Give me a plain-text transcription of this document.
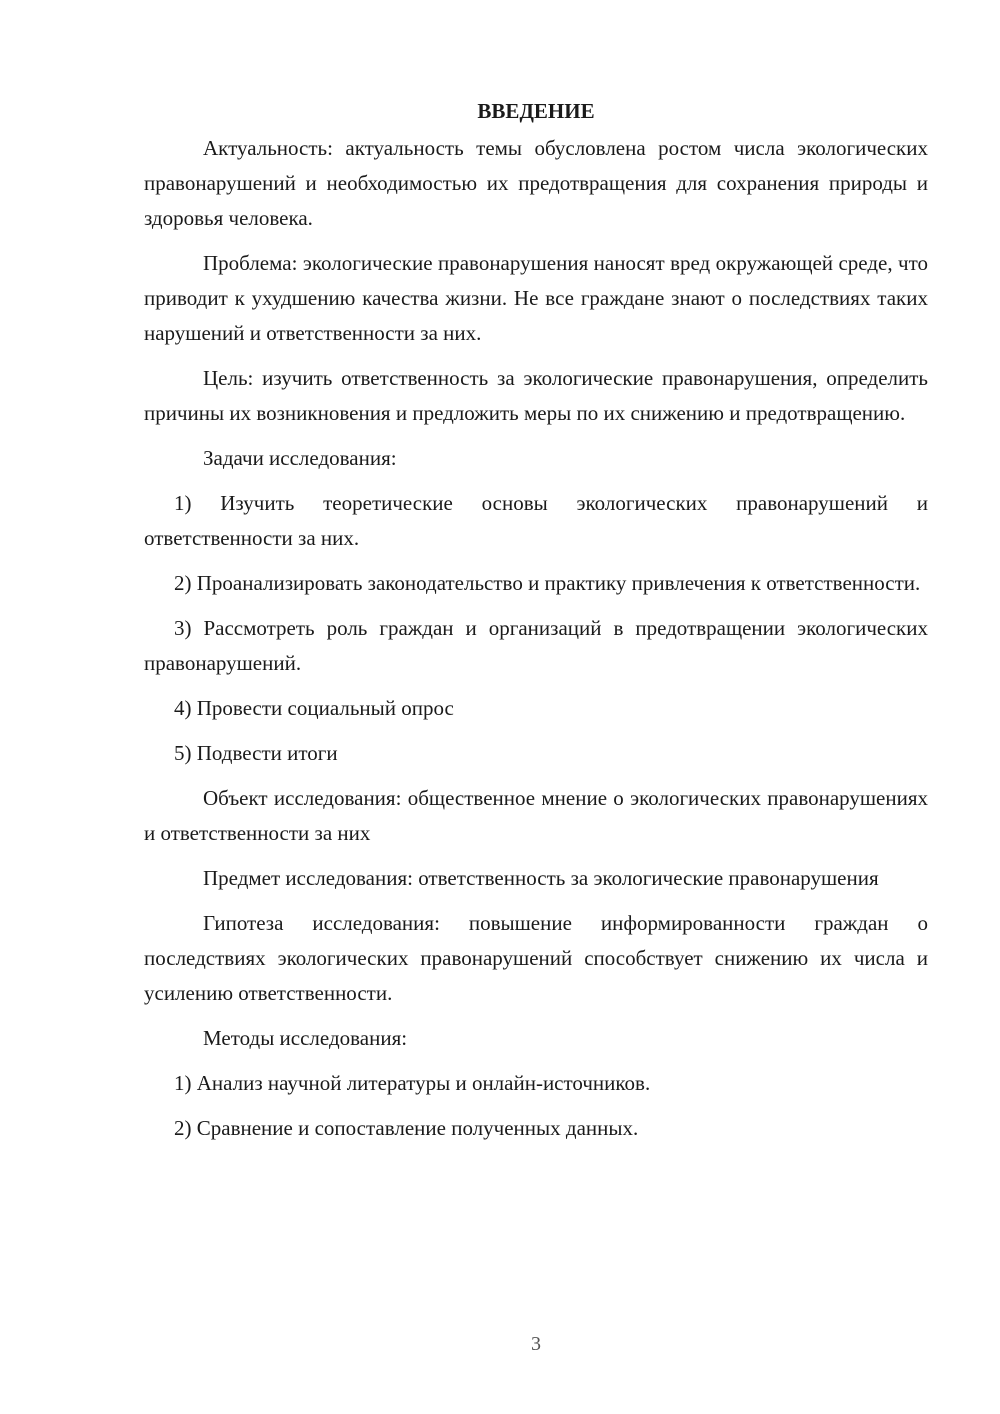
ВВЕДЕНИЕ

Актуальность: актуальность темы обусловлена ростом числа экологических правонарушений и необходимостью их предотвращения для сохранения природы и здоровья человека.

Проблема: экологические правонарушения наносят вред окружающей среде, что приводит к ухудшению качества жизни. Не все граждане знают о последствиях таких нарушений и ответственности за них.

Цель: изучить ответственность за экологические правонарушения, определить причины их возникновения и предложить меры по их снижению и предотвращению.

Задачи исследования:

1) Изучить теоретические основы экологических правонарушений и ответственности за них.

2) Проанализировать законодательство и практику привлечения к ответственности.

3) Рассмотреть роль граждан и организаций в предотвращении экологических правонарушений.

4) Провести социальный опрос

5) Подвести итоги

Объект исследования: общественное мнение о экологических правонарушениях и ответственности за них

Предмет исследования: ответственность за экологические правонарушения

Гипотеза исследования: повышение информированности граждан о последствиях экологических правонарушений способствует снижению их числа и усилению ответственности.

Методы исследования:

1) Анализ научной литературы и онлайн-источников.

2) Сравнение и сопоставление полученных данных.

3
